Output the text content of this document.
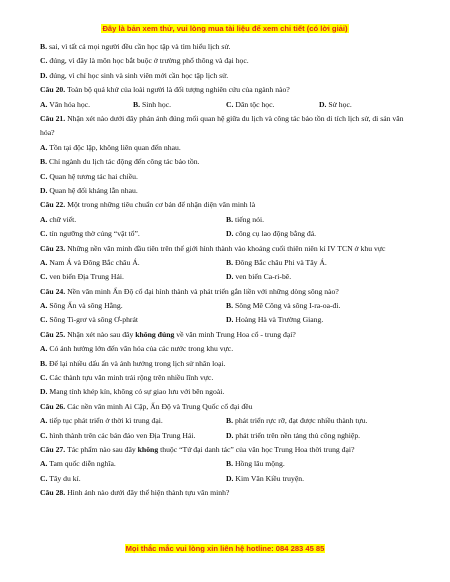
Đây là bản xem thử, vui lòng mua tài liệu để xem chi tiết (có lời giải)
B. sai, vì tất cả mọi người đều cần học tập và tìm hiểu lịch sử.
C. đúng, vì đây là môn học bắt buộc ở trường phổ thông và đại học.
D. đúng, vì chỉ học sinh và sinh viên mới cần học tập lịch sử.
Câu 20. Toàn bộ quá khứ của loài người là đối tượng nghiên cứu của ngành nào?
A. Văn hóa học.	B. Sinh học.	C. Dân tộc học.	D. Sử học.
Câu 21. Nhận xét nào dưới đây phản ánh đúng mối quan hệ giữa du lịch và công tác bảo tồn di tích lịch sử, di sản văn hóa?
A. Tồn tại độc lập, không liên quan đến nhau.
B. Chỉ ngành du lịch tác động đến công tác bảo tồn.
C. Quan hệ tương tác hai chiều.
D. Quan hệ đối kháng lẫn nhau.
Câu 22. Một trong những tiêu chuẩn cơ bản để nhận diện văn minh là
A. chữ viết.	B. tiếng nói.
C. tín ngưỡng thờ cúng “vật tổ”.	D. công cụ lao động bằng đá.
Câu 23. Những nền văn minh đầu tiên trên thế giới hình thành vào khoảng cuối thiên niên kỉ IV TCN ở khu vực
A. Nam Á và Đông Bắc châu Á.	B. Đông Bắc châu Phi và Tây Á.
C. ven biển Địa Trung Hải.	D. ven biển Ca-ri-bê.
Câu 24. Nền văn minh Ấn Độ cổ đại hình thành và phát triển gắn liền với những dòng sông nào?
A. Sông Ấn và sông Hằng.	B. Sông Mê Công và sông I-ra-oa-đi.
C. Sông Ti-grơ và sông Ơ-phrát	D. Hoàng Hà và Trường Giang.
Câu 25. Nhận xét nào sau đây không đúng về văn minh Trung Hoa cổ - trung đại?
A. Có ảnh hưởng lớn đến văn hóa của các nước trong khu vực.
B. Để lại nhiều dấu ấn và ảnh hưởng trong lịch sử nhân loại.
C. Các thành tựu văn minh trải rộng trên nhiều lĩnh vực.
D. Mang tính khép kín, không có sự giao lưu với bên ngoài.
Câu 26. Các nền văn minh Ai Cập, Ấn Độ và Trung Quốc cổ đại đều
A. tiếp tục phát triển ở thời kì trung đại.	B. phát triển rực rỡ, đạt được nhiều thành tựu.
C. hình thành trên các bán đảo ven Địa Trung Hải.	D. phát triển trên nền tảng thủ công nghiệp.
Câu 27. Tác phẩm nào sau đây không thuộc “Tứ đại danh tác” của văn học Trung Hoa thời trung đại?
A. Tam quốc diễn nghĩa.	B. Hồng lâu mộng.
C. Tây du kí.	D. Kim Vân Kiều truyện.
Câu 28. Hình ảnh nào dưới đây thể hiện thành tựu văn minh?
Mọi thắc mắc vui lòng xin liên hệ hotline: 084 283 45 85
